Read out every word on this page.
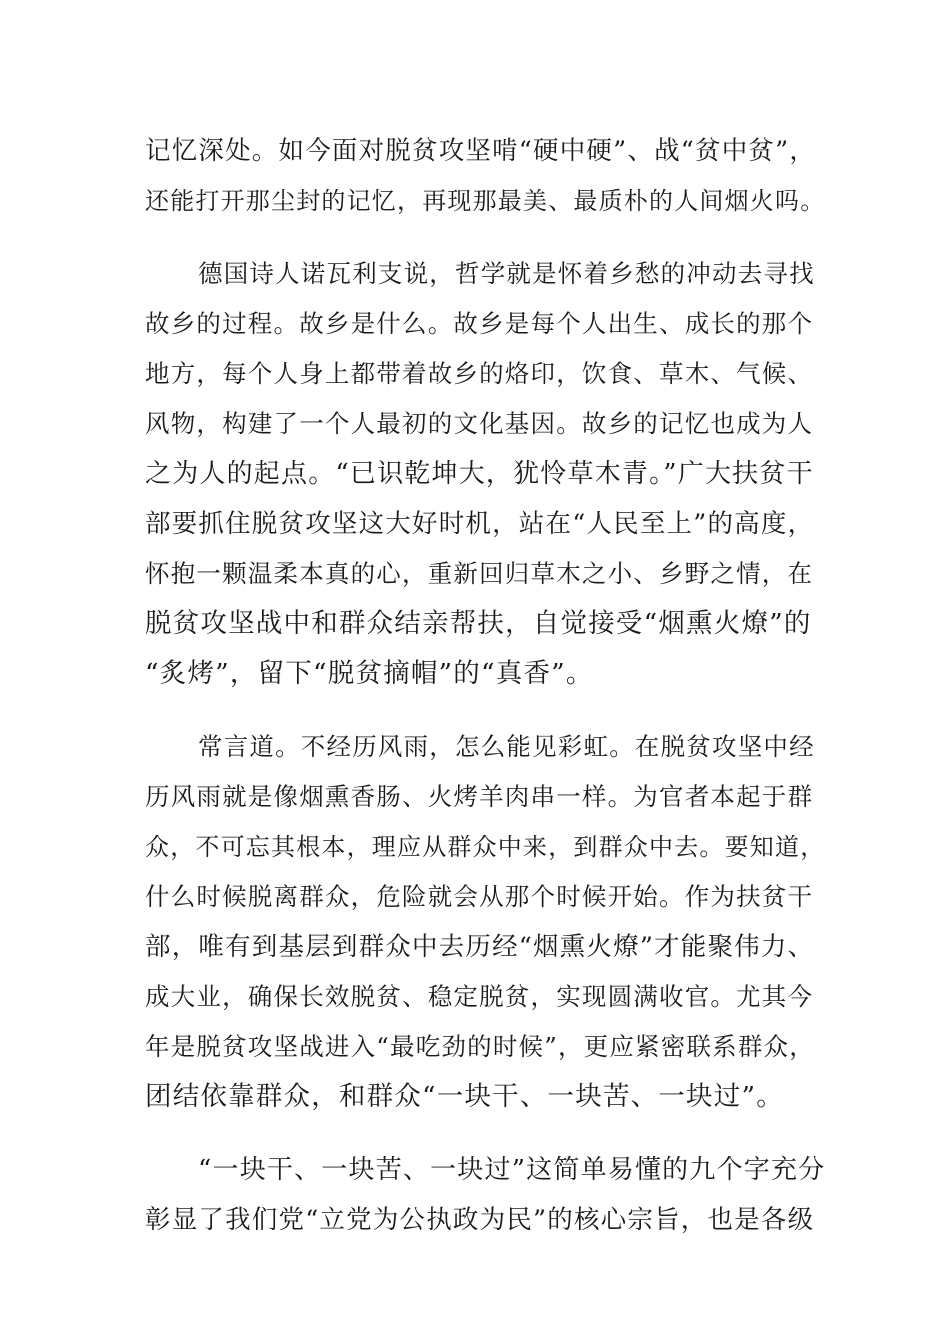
记忆深处。如今面对脱贫攻坚啃“硬中硬”、战“贫中贫”，
还能打开那尘封的记忆，再现那最美、最质朴的人间烟火吗。
德国诗人诺瓦利支说，哲学就是怀着乡愁的冲动去寻找
故乡的过程。故乡是什么。故乡是每个人出生、成长的那个
地方，每个人身上都带着故乡的烙印，饮食、草木、气候、
风物，构建了一个人最初的文化基因。故乡的记忆也成为人
之为人的起点。“已识乾坤大，犹怜草木青。”广大扶贫干
部要抓住脱贫攻坚这大好时机，站在“人民至上”的高度，
怀抱一颗温柔本真的心，重新回归草木之小、乡野之情，在
脱贫攻坚战中和群众结亲帮扶，自觉接受“烟熏火燎”的
“炙烤”，留下“脱贫摘帽”的“真香”。
常言道。不经历风雨，怎么能见彩虹。在脱贫攻坚中经
历风雨就是像烟熏香肠、火烤羊肉串一样。为官者本起于群
众，不可忘其根本，理应从群众中来，到群众中去。要知道，
什么时候脱离群众，危险就会从那个时候开始。作为扶贫干
部，唯有到基层到群众中去历经“烟熏火燎”才能聚伟力、
成大业，确保长效脱贫、稳定脱贫，实现圆满收官。尤其今
年是脱贫攻坚战进入“最吃劲的时候”，更应紧密联系群众，
团结依靠群众，和群众“一块干、一块苦、一块过”。
“一块干、一块苦、一块过”这简单易懂的九个字充分
彰显了我们党“立党为公执政为民”的核心宗旨，也是各级
